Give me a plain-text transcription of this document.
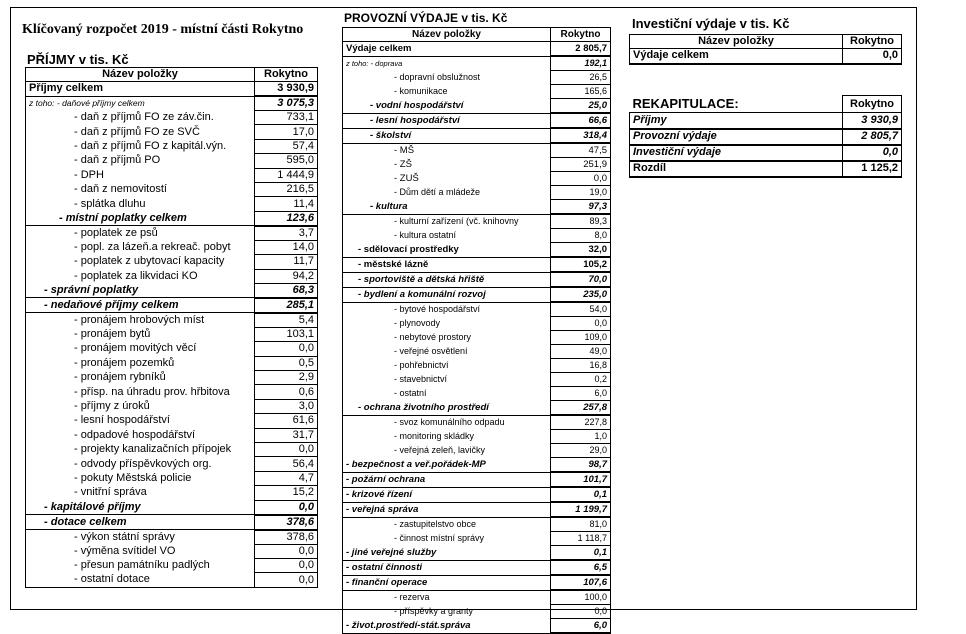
Klíčovaný rozpočet 2019 - místní části Rokytno
PŘÍJMY v tis. Kč
Název položky	Rokytno
Příjmy celkem	3 930,9
z toho: - daňové příjmy celkem	3 075,3
- daň z příjmů FO ze záv.čin.	733,1
- daň z příjmů FO ze SVČ	17,0
- daň z příjmů FO z kapitál.výn.	57,4
- daň z příjmů PO	595,0
- DPH	1 444,9
- daň z nemovitostí	216,5
- splátka dluhu	11,4
- místní poplatky celkem	123,6
- poplatek ze psů	3,7
- popl. za lázeň.a rekreač. pobyt	14,0
- poplatek z ubytovací kapacity	11,7
- poplatek za likvidaci KO	94,2
- správní poplatky	68,3
- nedaňové příjmy celkem	285,1
- pronájem hrobových míst	5,4
- pronájem bytů	103,1
- pronájem movitých věcí	0,0
- pronájem pozemků	0,5
- pronájem rybníků	2,9
- přísp. na úhradu prov. hřbitova	0,6
- příjmy z úroků	3,0
- lesní hospodářství	61,6
- odpadové hospodářství	31,7
- projekty kanalizačních přípojek	0,0
- odvody příspěvkových org.	56,4
- pokuty Městská policie	4,7
- vnitřní správa	15,2
- kapitálové příjmy	0,0
- dotace celkem	378,6
- výkon státní správy	378,6
- výměna svítidel VO	0,0
- přesun památníku padlých	0,0
- ostatní dotace	0,0
PROVOZNÍ VÝDAJE v tis. Kč
Název položky	Rokytno
Výdaje celkem	2 805,7
z toho: - doprava	192,1
- dopravní obslužnost	26,5
- komunikace	165,6
- vodní hospodářství	25,0
- lesní hospodářství	66,6
- školství	318,4
- MŠ	47,5
- ZŠ	251,9
- ZUŠ	0,0
- Dům dětí a mládeže	19,0
- kultura	97,3
- kulturní zařízení (vč. knihovny	89,3
- kultura ostatní	8,0
- sdělovací prostředky	32,0
- městské lázně	105,2
- sportoviště a dětská hřiště	70,0
- bydlení a komunální rozvoj	235,0
- bytové hospodářství	54,0
- plynovody	0,0
- nebytové prostory	109,0
- veřejné osvětlení	49,0
- pohřebnictví	16,8
- stavebnictví	0,2
- ostatní	6,0
- ochrana životního prostředí	257,8
- svoz komunálního odpadu	227,8
- monitoring skládky	1,0
- veřejná zeleň, lavičky	29,0
- bezpečnost a veř.pořádek-MP	98,7
- požární ochrana	101,7
- krizové řízení	0,1
- veřejná správa	1 199,7
- zastupitelstvo obce	81,0
- činnost místní správy	1 118,7
- jiné veřejné služby	0,1
- ostatní činnosti	6,5
- finanční operace	107,6
- rezerva	100,0
- příspěvky a granty	0,0
- život.prostředí-stát.správa	6,0
Investiční výdaje v tis. Kč
Název položky	Rokytno
Výdaje celkem	0,0
REKAPITULACE:	Rokytno
Příjmy	3 930,9
Provozní výdaje	2 805,7
Investiční výdaje	0,0
Rozdíl	1 125,2
